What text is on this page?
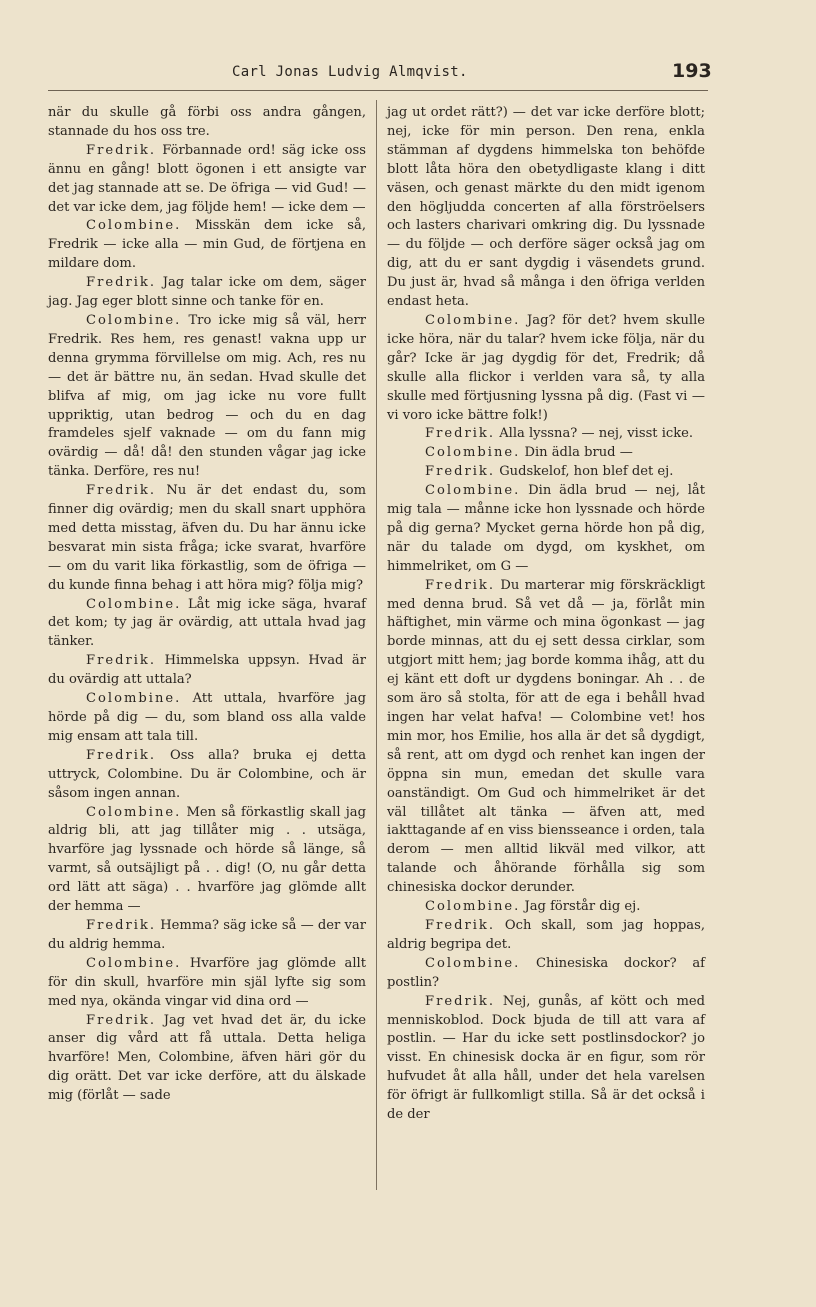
Carl Jonas Ludvig Almqvist.	193

när du skulle gå förbi oss andra gången, stannade du hos oss tre.

Fredrik. Förbannade ord! säg icke oss ännu en gång! blott ögonen i ett ansigte var det jag stannade att se. De öfriga — vid Gud! — det var icke dem, jag följde hem! — icke dem —

Colombine. Misskän dem icke så, Fredrik — icke alla — min Gud, de förtjena en mildare dom.

Fredrik. Jag talar icke om dem, säger jag. Jag eger blott sinne och tanke för en.

Colombine. Tro icke mig så väl, herr Fredrik. Res hem, res genast! vakna upp ur denna grymma förvillelse om mig. Ach, res nu — det är bättre nu, än sedan. Hvad skulle det blifva af mig, om jag icke nu vore fullt uppriktig, utan bedrog — och du en dag framdeles sjelf vaknade — om du fann mig ovärdig — då! då! den stunden vågar jag icke tänka. Derföre, res nu!

Fredrik. Nu är det endast du, som finner dig ovärdig; men du skall snart upphöra med detta misstag, äfven du. Du har ännu icke besvarat min sista fråga; icke svarat, hvarföre — om du varit lika förkastlig, som de öfriga — du kunde finna behag i att höra mig? följa mig?

Colombine. Låt mig icke säga, hvaraf det kom; ty jag är ovärdig, att uttala hvad jag tänker.

Fredrik. Himmelska uppsyn. Hvad är du ovärdig att uttala?

Colombine. Att uttala, hvarföre jag hörde på dig — du, som bland oss alla valde mig ensam att tala till.

Fredrik. Oss alla? bruka ej detta uttryck, Colombine. Du är Colombine, och är såsom ingen annan.

Colombine. Men så förkastlig skall jag aldrig bli, att jag tillåter mig . . utsäga, hvarföre jag lyssnade och hörde så länge, så varmt, så outsäjligt på . . dig! (O, nu går detta ord lätt att säga) . . hvarföre jag glömde allt der hemma —

Fredrik. Hemma? säg icke så — der var du aldrig hemma.

Colombine. Hvarföre jag glömde allt för din skull, hvarföre min själ lyfte sig som med nya, okända vingar vid dina ord —

Fredrik. Jag vet hvad det är, du icke anser dig vård att få uttala. Detta heliga hvarföre! Men, Colombine, äfven häri gör du dig orätt. Det var icke derföre, att du älskade mig (förlåt — sade

jag ut ordet rätt?) — det var icke derföre blott; nej, icke för min person. Den rena, enkla stämman af dygdens himmelska ton behöfde blott låta höra den obetydligaste klang i ditt väsen, och genast märkte du den midt igenom den högljudda concerten af alla förströelsers och lasters charivari omkring dig. Du lyssnade — du följde — och derföre säger också jag om dig, att du er sant dygdig i väsendets grund. Du just är, hvad så många i den öfriga verlden endast heta.

Colombine. Jag? för det? hvem skulle icke höra, när du talar? hvem icke följa, när du går? Icke är jag dygdig för det, Fredrik; då skulle alla flickor i verlden vara så, ty alla skulle med förtjusning lyssna på dig. (Fast vi — vi voro icke bättre folk!)

Fredrik. Alla lyssna? — nej, visst icke.

Colombine. Din ädla brud —

Fredrik. Gudskelof, hon blef det ej.

Colombine. Din ädla brud — nej, låt mig tala — månne icke hon lyssnade och hörde på dig gerna? Mycket gerna hörde hon på dig, när du talade om dygd, om kyskhet, om himmelriket, om G —

Fredrik. Du marterar mig förskräckligt med denna brud. Så vet då — ja, förlåt min häftighet, min värme och mina ögonkast — jag borde minnas, att du ej sett dessa cirklar, som utgjort mitt hem; jag borde komma ihåg, att du ej känt ett doft ur dygdens boningar. Ah . . de som äro så stolta, för att de ega i behåll hvad ingen har velat hafva! — Colombine vet! hos min mor, hos Emilie, hos alla är det så dygdigt, så rent, att om dygd och renhet kan ingen der öppna sin mun, emedan det skulle vara oanständigt. Om Gud och himmelriket är det väl tillåtet alt tänka — äfven att, med iakttagande af en viss biensseance i orden, tala derom — men alltid likväl med vilkor, att talande och åhörande förhålla sig som chinesiska dockor derunder.

Colombine. Jag förstår dig ej.

Fredrik. Och skall, som jag hoppas, aldrig begripa det.

Colombine. Chinesiska dockor? af postlin?

Fredrik. Nej, gunås, af kött och med menniskoblod. Dock bjuda de till att vara af postlin. — Har du icke sett postlinsdockor? jo visst. En chinesisk docka är en figur, som rör hufvudet åt alla håll, under det hela varelsen för öfrigt är fullkomligt stilla. Så är det också i de der
